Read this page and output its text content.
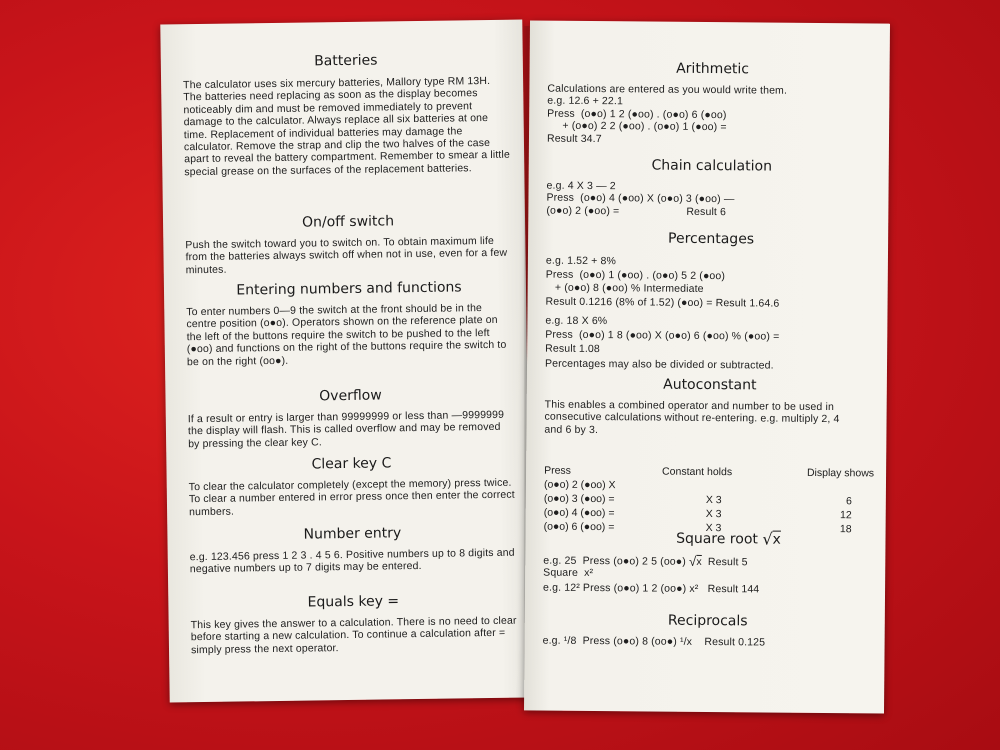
Batteries
The calculator uses six mercury batteries, Mallory type RM 13H. The batteries need replacing as soon as the display becomes noticeably dim and must be removed immediately to prevent damage to the calculator. Always replace all six batteries at one time. Replacement of individual batteries may damage the calculator. Remove the strap and clip the two halves of the case apart to reveal the battery compartment. Remember to smear a little special grease on the surfaces of the replacement batteries.
On/off switch
Push the switch toward you to switch on. To obtain maximum life from the batteries always switch off when not in use, even for a few minutes.
Entering numbers and functions
To enter numbers 0—9 the switch at the front should be in the centre position (o●o). Operators shown on the reference plate on the left of the buttons require the switch to be pushed to the left (●oo) and functions on the right of the buttons require the switch to be on the right (oo●).
Overflow
If a result or entry is larger than 99999999 or less than —9999999 the display will flash. This is called overflow and may be removed by pressing the clear key C.
Clear key C
To clear the calculator completely (except the memory) press twice. To clear a number entered in error press once then enter the correct numbers.
Number entry
e.g. 123.456 press 1 2 3 . 4 5 6. Positive numbers up to 8 digits and negative numbers up to 7 digits may be entered.
Equals key =
This key gives the answer to a calculation. There is no need to clear before starting a new calculation. To continue a calculation after = simply press the next operator.
Arithmetic
Calculations are entered as you would write them.
e.g. 12.6 + 22.1
Press  (o●o) 1 2 (●oo) . (o●o) 6 (●oo)
+ (o●o) 2 2 (●oo) . (o●o) 1 (●oo) =
Result 34.7
Chain calculation
e.g. 4 X 3 — 2
Press  (o●o) 4 (●oo) X (o●o) 3 (●oo) —
(o●o) 2 (●oo) =	Result 6
Percentages
e.g. 1.52 + 8%
Press  (o●o) 1 (●oo) . (o●o) 5 2 (●oo)
+ (o●o) 8 (●oo) % Intermediate
Result 0.1216 (8% of 1.52) (●oo) = Result 1.64.6
e.g. 18 X 6%
Press  (o●o) 1 8 (●oo) X (o●o) 6 (●oo) % (●oo) =
Result 1.08
Percentages may also be divided or subtracted.
Autoconstant
This enables a combined operator and number to be used in consecutive calculations without re-entering. e.g. multiply 2, 4 and 6 by 3.
Press	Constant holds	Display shows
(o●o) 2 (●oo) X
(o●o) 3 (●oo) =	X 3	6
(o●o) 4 (●oo) =	X 3	12
(o●o) 6 (●oo) =	X 3	18
Square root √x
e.g. 25  Press (o●o) 2 5 (oo●) √x Result 5
Square  x²
e.g. 12² Press (o●o) 1 2 (oo●) x² Result 144
Reciprocals
e.g. ¹/8  Press (o●o) 8 (oo●) ¹/x Result 0.125
